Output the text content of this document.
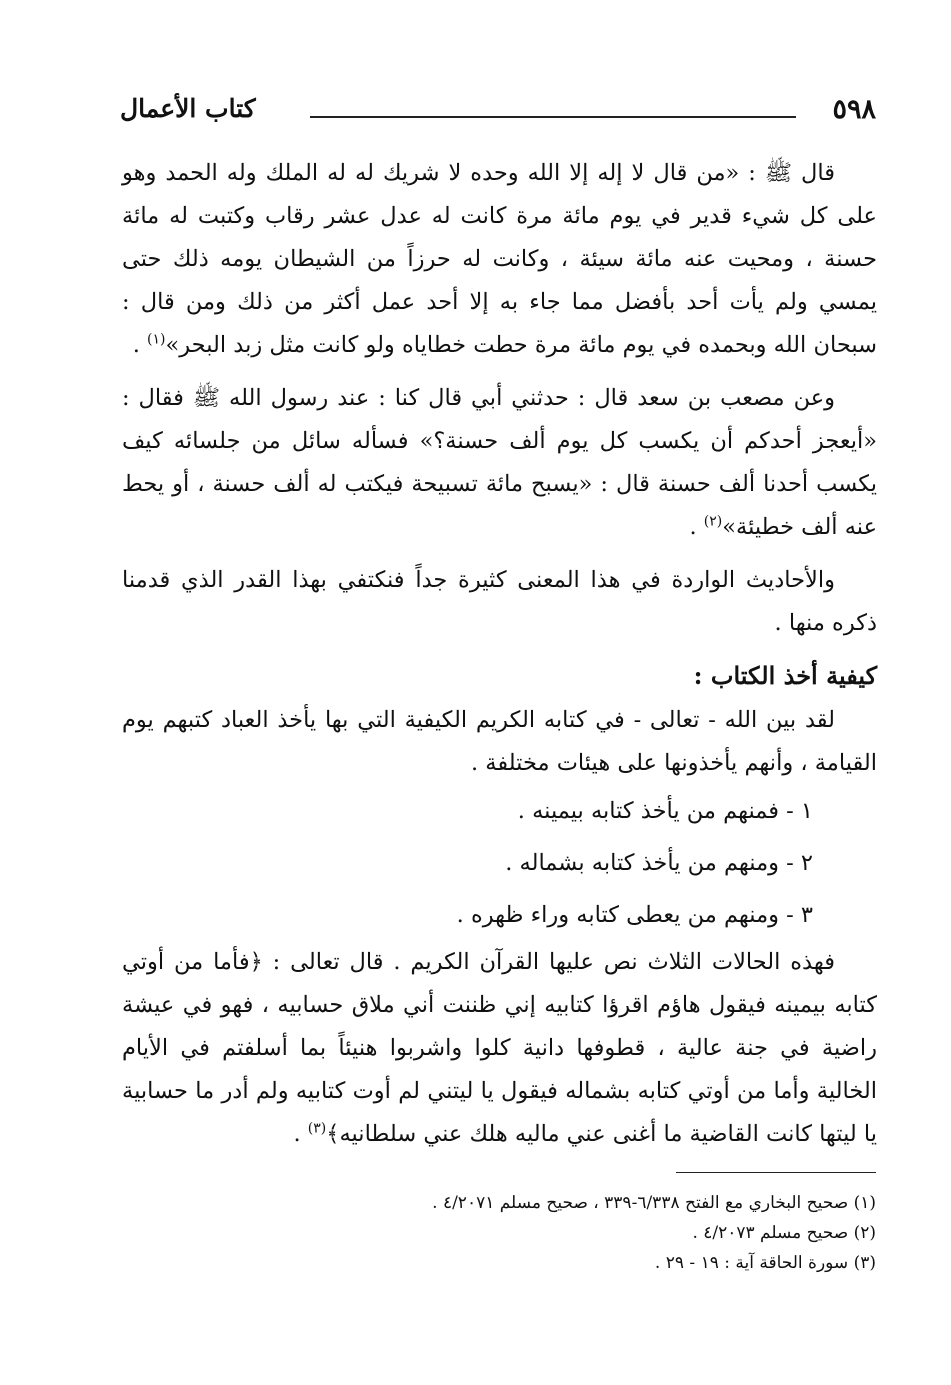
٥٩٨
كتاب الأعمال

قال ﷺ : «من قال لا إله إلا الله وحده لا شريك له له الملك وله الحمد وهو على كل شيء قدير في يوم مائة مرة كانت له عدل عشر رقاب وكتبت له مائة حسنة ، ومحيت عنه مائة سيئة ، وكانت له حرزاً من الشيطان يومه ذلك حتى يمسي ولم يأت أحد بأفضل مما جاء به إلا أحد عمل أكثر من ذلك ومن قال : سبحان الله وبحمده في يوم مائة مرة حطت خطاياه ولو كانت مثل زبد البحر»$^{(١)}$ .

وعن مصعب بن سعد قال : حدثني أبي قال كنا : عند رسول الله ﷺ فقال : «أيعجز أحدكم أن يكسب كل يوم ألف حسنة؟» فسأله سائل من جلسائه كيف يكسب أحدنا ألف حسنة قال : «يسبح مائة تسبيحة فيكتب له ألف حسنة ، أو يحط عنه ألف خطيئة»$^{(٢)}$ .

والأحاديث الواردة في هذا المعنى كثيرة جداً فنكتفي بهذا القدر الذي قدمنا ذكره منها .

كيفية أخذ الكتاب :

لقد بين الله - تعالى - في كتابه الكريم الكيفية التي بها يأخذ العباد كتبهم يوم القيامة ، وأنهم يأخذونها على هيئات مختلفة .

١ - فمنهم من يأخذ كتابه بيمينه .

٢ - ومنهم من يأخذ كتابه بشماله .

٣ - ومنهم من يعطى كتابه وراء ظهره .

فهذه الحالات الثلاث نص عليها القرآن الكريم . قال تعالى : ﴿فأما من أوتي كتابه بيمينه فيقول هاؤم اقرؤا كتابيه إني ظننت أني ملاق حسابيه ، فهو في عيشة راضية في جنة عالية ، قطوفها دانية كلوا واشربوا هنيئاً بما أسلفتم في الأيام الخالية وأما من أوتي كتابه بشماله فيقول يا ليتني لم أوت كتابيه ولم أدر ما حسابية يا ليتها كانت القاضية ما أغنى عني ماليه هلك عني سلطانيه﴾$^{(٣)}$ .

(١) صحيح البخاري مع الفتح ٦/٣٣٨-٣٣٩ ، صحيح مسلم ٤/٢٠٧١ .
(٢) صحيح مسلم ٤/٢٠٧٣ .
(٣) سورة الحاقة آية : ١٩ - ٢٩ .
